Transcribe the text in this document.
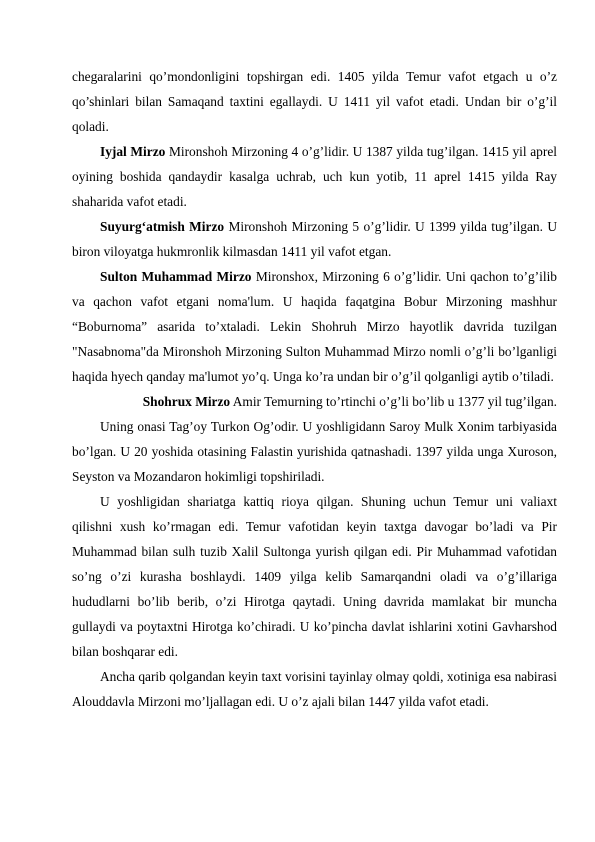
chegaralarini qo’mondonligini topshirgan edi. 1405 yilda Temur vafot etgach u o’z qo’shinlari bilan Samaqand taxtini egallaydi. U 1411 yil vafot etadi. Undan bir o’g’il qoladi.

Iyjal Mirzo Mironshoh Mirzoning 4 o’g’lidir. U 1387 yilda tug’ilgan. 1415 yil aprel oyining boshida qandaydir kasalga uchrab, uch kun yotib, 11 aprel 1415 yilda Ray shaharida vafot etadi.

Suyurg‘atmish Mirzo Mironshoh Mirzoning 5 o’g’lidir. U 1399 yilda tug’ilgan. U biron viloyatga hukmronlik kilmasdan 1411 yil vafot etgan.

Sulton Muhammad Mirzo Mironshox, Mirzoning 6 o’g’lidir. Uni qachon to’g’ilib va qachon vafot etgani noma'lum. U haqida faqatgina Bobur Mirzoning mashhur “Boburnoma” asarida to’xtaladi. Lekin Shohruh Mirzo hayotlik davrida tuzilgan "Nasabnoma"da Mironshoh Mirzoning Sulton Muhammad Mirzo nomli o’g’li bo’lganligi haqida hyech qanday ma'lumot yo’q. Unga ko’ra undan bir o’g’il qolganligi aytib o’tiladi.

Shohrux Mirzo Amir Temurning to’rtinchi o’g’li bo’lib u 1377 yil tug’ilgan.

Uning onasi Tag’oy Turkon Og’odir. U yoshligidann Saroy Mulk Xonim tarbiyasida bo’lgan. U 20 yoshida otasining Falastin yurishida qatnashadi. 1397 yilda unga Xuroson, Seyston va Mozandaron hokimligi topshiriladi.

U yoshligidan shariatga kattiq rioya qilgan. Shuning uchun Temur uni valiaxt qilishni xush ko’rmagan edi. Temur vafotidan keyin taxtga davogar bo’ladi va Pir Muhammad bilan sulh tuzib Xalil Sultonga yurish qilgan edi. Pir Muhammad vafotidan so’ng o’zi kurasha boshlaydi. 1409 yilga kelib Samarqandni oladi va o’g’illariga hududlarni bo’lib berib, o’zi Hirotga qaytadi. Uning davrida mamlakat bir muncha gullaydi va poytaxtni Hirotga ko’chiradi. U ko’pincha davlat ishlarini xotini Gavharshod bilan boshqarar edi.

Ancha qarib qolgandan keyin taxt vorisini tayinlay olmay qoldi, xotiniga esa nabirasi Alouddavla Mirzoni mo’ljallagan edi. U o’z ajali bilan 1447 yilda vafot etadi.
